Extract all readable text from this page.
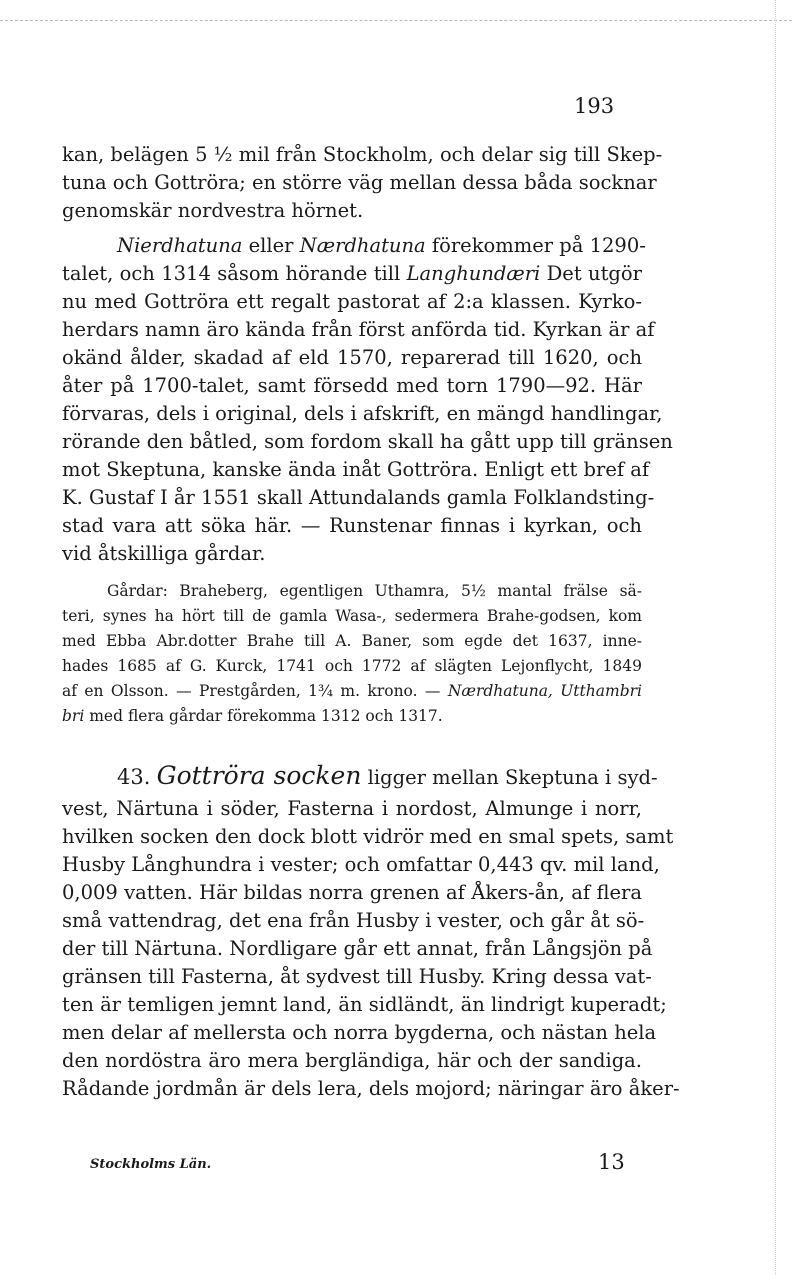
193
kan, belägen 5 ½ mil från Stockholm, och delar sig till Skep-
tuna och Gottröra; en större väg mellan dessa båda socknar
genomskär nordvestra hörnet.
Nierdhatuna eller Nærdhatuna förekommer på 1290-
talet, och 1314 såsom hörande till Langhundæri Det utgör
nu med Gottröra ett regalt pastorat af 2:a klassen. Kyrko-
herdars namn äro kända från först anförda tid. Kyrkan är af
okänd ålder, skadad af eld 1570, reparerad till 1620, och
åter på 1700-talet, samt försedd med torn 1790—92. Här
förvaras, dels i original, dels i afskrift, en mängd handlingar,
rörande den båtled, som fordom skall ha gått upp till gränsen
mot Skeptuna, kanske ända inåt Gottröra. Enligt ett bref af
K. Gustaf I år 1551 skall Attundalands gamla Folklandsting-
stad vara att söka här. — Runstenar finnas i kyrkan, och
vid åtskilliga gårdar.
Gårdar: Braheberg, egentligen Uthamra, 5½ mantal frälse sä-
teri, synes ha hört till de gamla Wasa-, sedermera Brahe-godsen, kom
med Ebba Abr.dotter Brahe till A. Baner, som egde det 1637, inne-
hades 1685 af G. Kurck, 1741 och 1772 af slägten Lejonflycht, 1849
af en Olsson. — Prestgården, 1¾ m. krono. — Nærdhatuna, Utthambri
bri med flera gårdar förekomma 1312 och 1317.
43. Gottröra socken ligger mellan Skeptuna i syd-
vest, Närtuna i söder, Fasterna i nordost, Almunge i norr,
hvilken socken den dock blott vidrör med en smal spets, samt
Husby Långhundra i vester; och omfattar 0,443 qv. mil land,
0,009 vatten. Här bildas norra grenen af Åkers-ån, af flera
små vattendrag, det ena från Husby i vester, och går åt sö-
der till Närtuna. Nordligare går ett annat, från Långsjön på
gränsen till Fasterna, åt sydvest till Husby. Kring dessa vat-
ten är temligen jemnt land, än sidländt, än lindrigt kuperadt;
men delar af mellersta och norra bygderna, och nästan hela
den nordöstra äro mera bergländiga, här och der sandiga.
Rådande jordmån är dels lera, dels mojord; näringar äro åker-
Stockholms Län.	13
